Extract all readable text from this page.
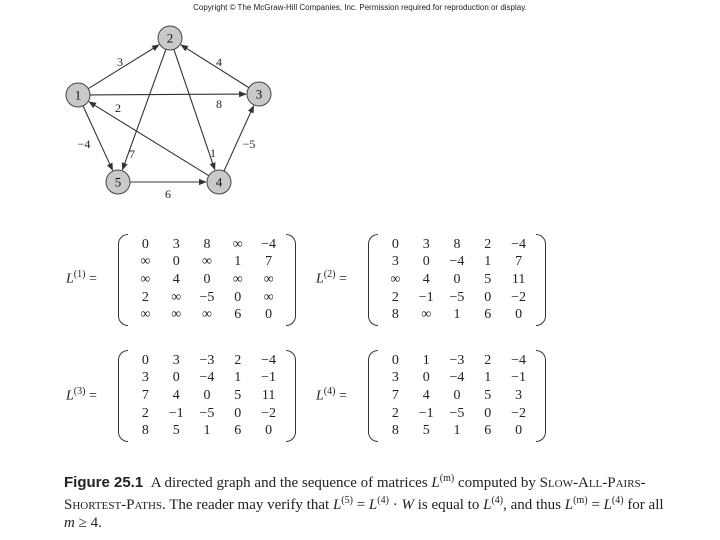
Copyright © The McGraw-Hill Companies, Inc. Permission required for reproduction or display.
3	4
8
7	1
2
−4	−5
6
1
2
3
4
5
$L^{(1)}$ =
0	3	8	∞	−4
∞	0	∞	1	7
∞	4	0	∞	∞
2	∞	−5	0	∞
∞	∞	∞	6	0
$L^{(2)}$ =
0	3	8	2	−4
3	0	−4	1	7
∞	4	0	5	11
2	−1	−5	0	−2
8	∞	1	6	0
$L^{(3)}$ =
0	3	−3	2	−4
3	0	−4	1	−1
7	4	0	5	11
2	−1	−5	0	−2
8	5	1	6	0
$L^{(4)}$ =
0	1	−3	2	−4
3	0	−4	1	−1
7	4	0	5	3
2	−1	−5	0	−2
8	5	1	6	0
Figure 25.1 A directed graph and the sequence of matrices $L^{(m)}$ computed by Slow-All-Pairs-Shortest-Paths. The reader may verify that $L^{(5)} = L^{(4)} \cdot W$ is equal to $L^{(4)}$, and thus $L^{(m)} = L^{(4)}$ for all m ≥ 4.
